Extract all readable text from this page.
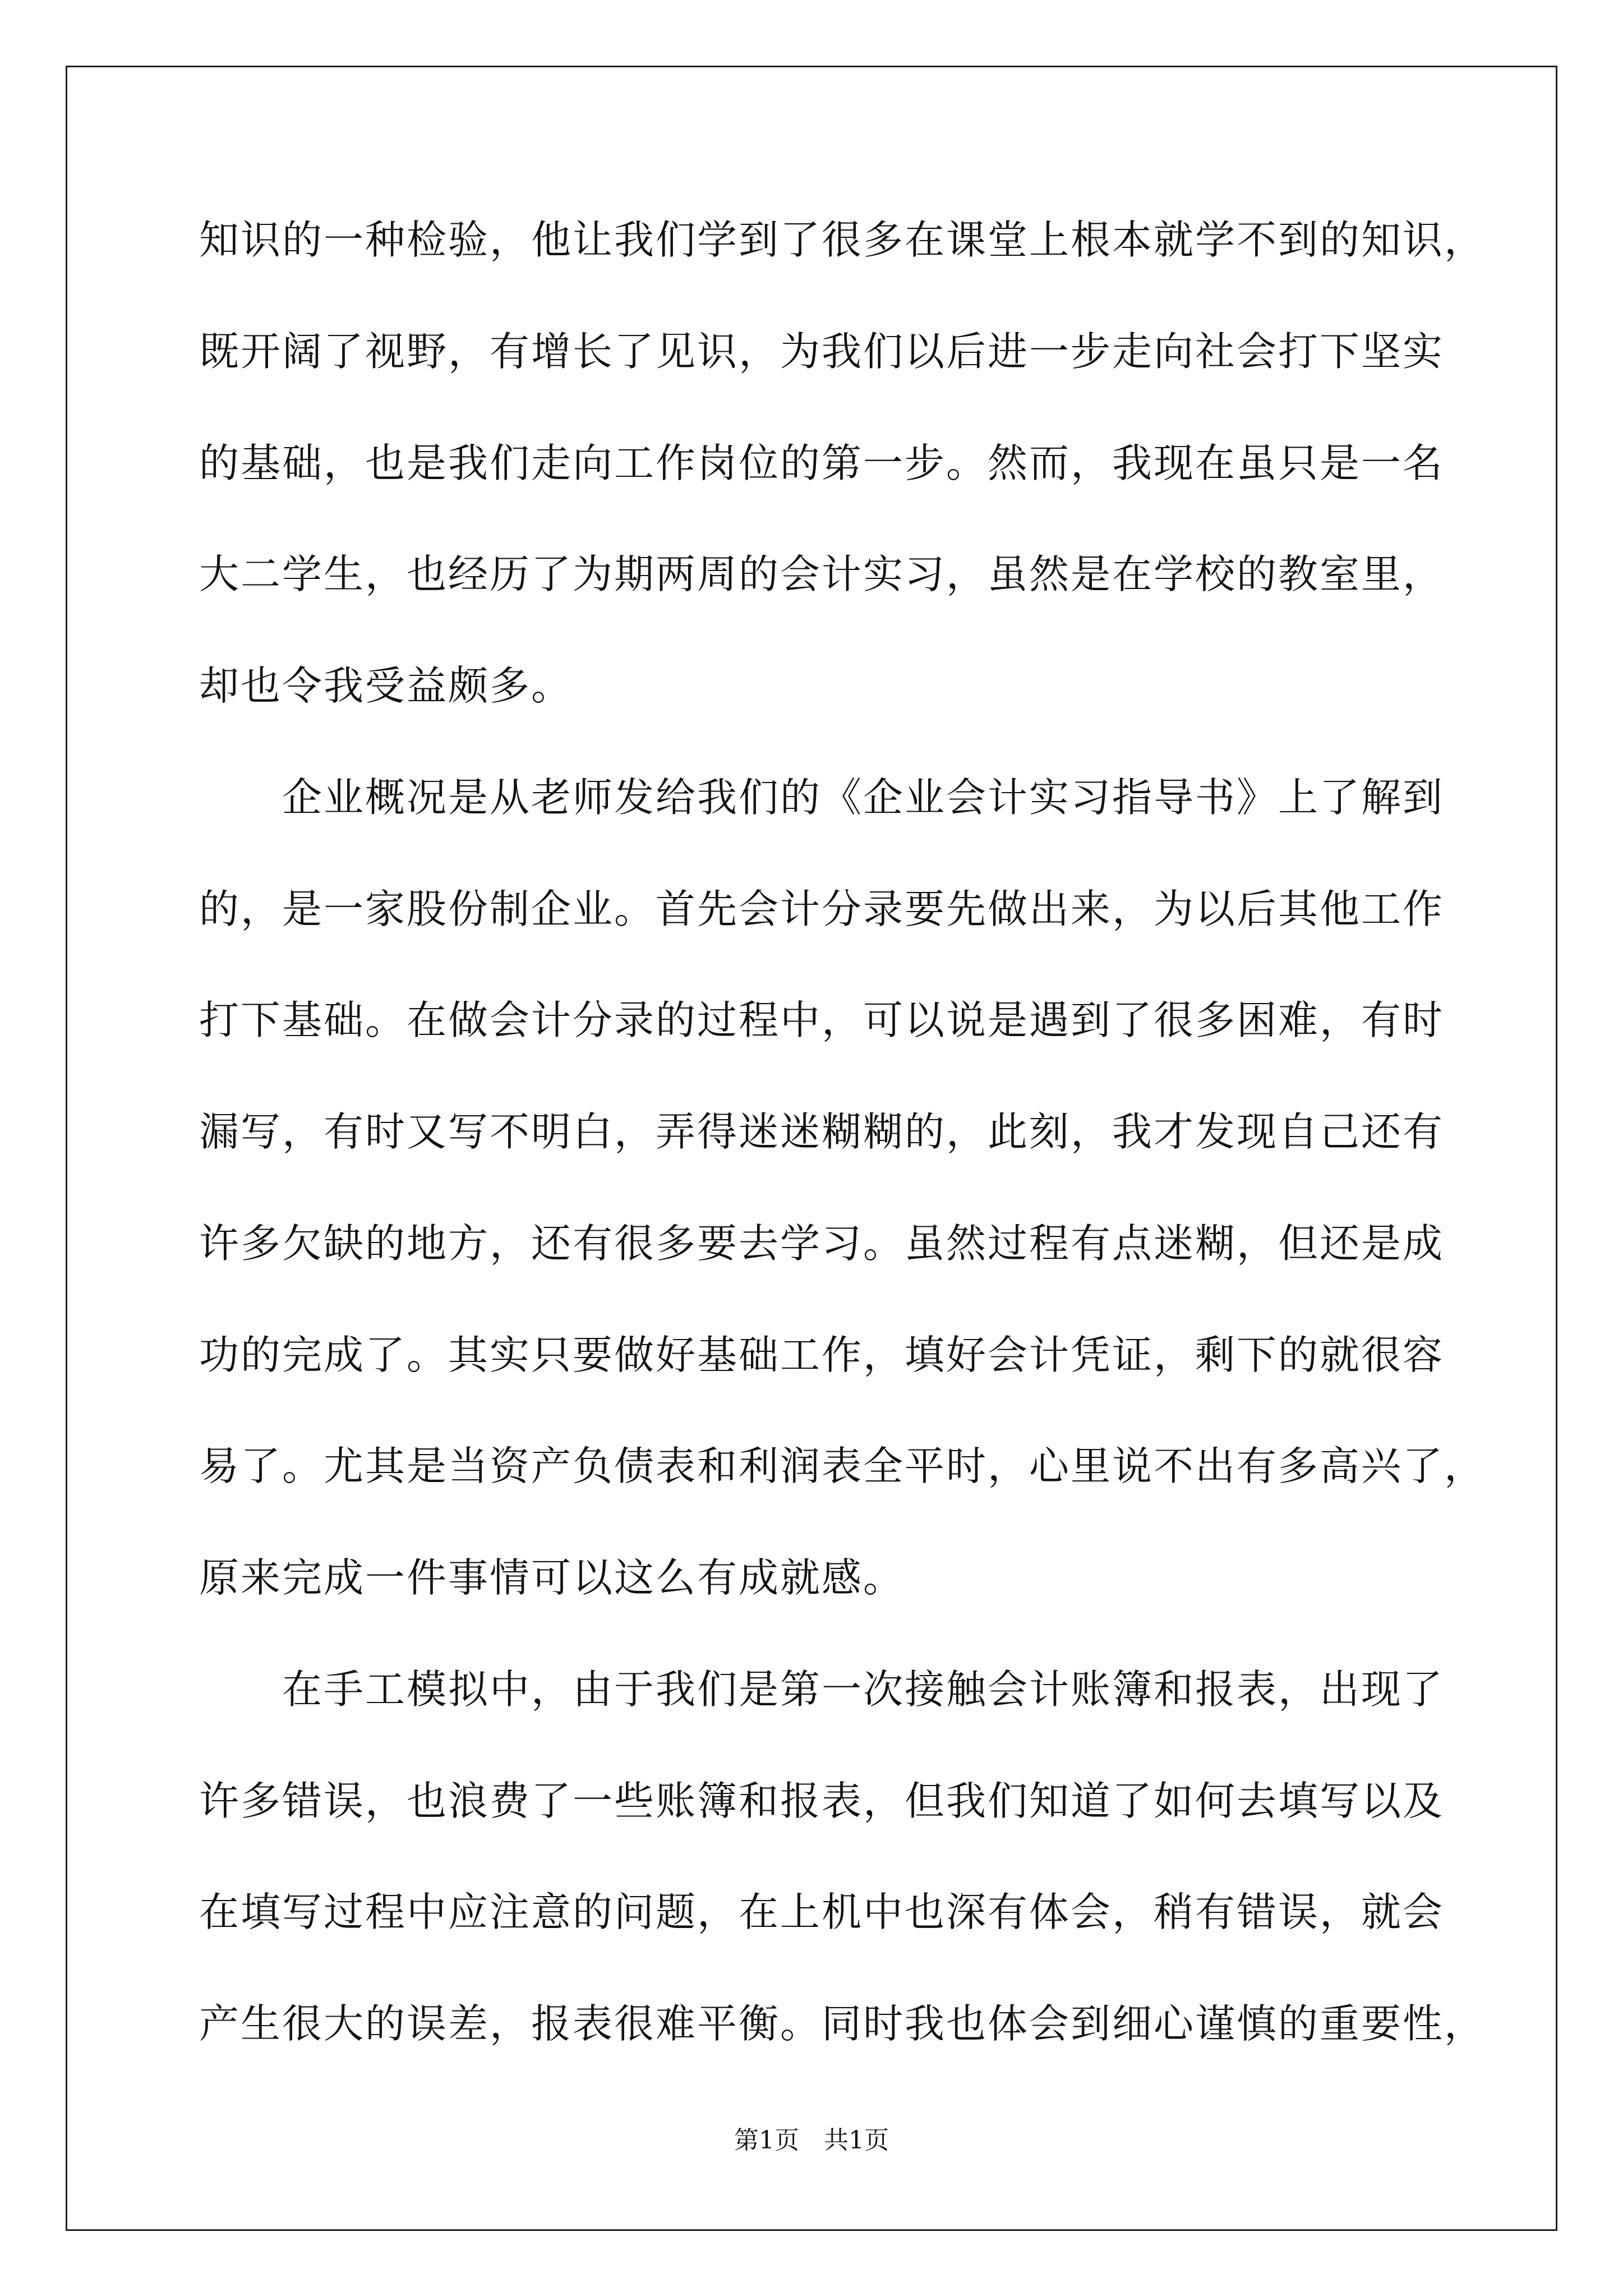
知识的一种检验，他让我们学到了很多在课堂上根本就学不到的知识，
既开阔了视野，有增长了见识，为我们以后进一步走向社会打下坚实
的基础，也是我们走向工作岗位的第一步。然而，我现在虽只是一名
大二学生，也经历了为期两周的会计实习，虽然是在学校的教室里，
却也令我受益颇多。
　　企业概况是从老师发给我们的《企业会计实习指导书》上了解到
的，是一家股份制企业。首先会计分录要先做出来，为以后其他工作
打下基础。在做会计分录的过程中，可以说是遇到了很多困难，有时
漏写，有时又写不明白，弄得迷迷糊糊的，此刻，我才发现自己还有
许多欠缺的地方，还有很多要去学习。虽然过程有点迷糊，但还是成
功的完成了。其实只要做好基础工作，填好会计凭证，剩下的就很容
易了。尤其是当资产负债表和利润表全平时，心里说不出有多高兴了，
原来完成一件事情可以这么有成就感。
　　在手工模拟中，由于我们是第一次接触会计账簿和报表，出现了
许多错误，也浪费了一些账簿和报表，但我们知道了如何去填写以及
在填写过程中应注意的问题，在上机中也深有体会，稍有错误，就会
产生很大的误差，报表很难平衡。同时我也体会到细心谨慎的重要性，
第1页　共1页
